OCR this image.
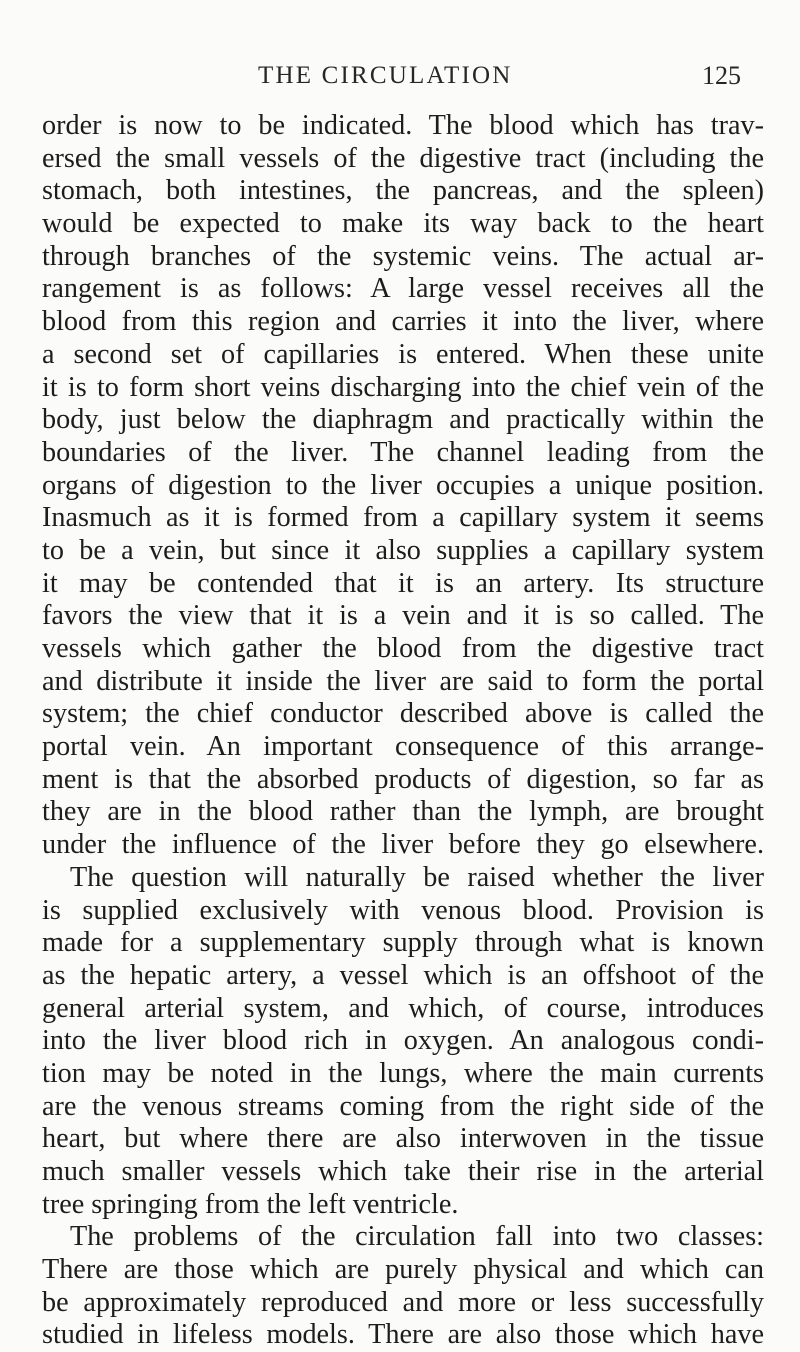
THE CIRCULATION	125
order is now to be indicated. The blood which has trav-
ersed the small vessels of the digestive tract (including the
stomach, both intestines, the pancreas, and the spleen)
would be expected to make its way back to the heart
through branches of the systemic veins. The actual ar-
rangement is as follows: A large vessel receives all the
blood from this region and carries it into the liver, where
a second set of capillaries is entered. When these unite
it is to form short veins discharging into the chief vein of the
body, just below the diaphragm and practically within the
boundaries of the liver. The channel leading from the
organs of digestion to the liver occupies a unique position.
Inasmuch as it is formed from a capillary system it seems
to be a vein, but since it also supplies a capillary system
it may be contended that it is an artery. Its structure
favors the view that it is a vein and it is so called. The
vessels which gather the blood from the digestive tract
and distribute it inside the liver are said to form the portal
system; the chief conductor described above is called the
portal vein. An important consequence of this arrange-
ment is that the absorbed products of digestion, so far as
they are in the blood rather than the lymph, are brought
under the influence of the liver before they go elsewhere.
The question will naturally be raised whether the liver
is supplied exclusively with venous blood. Provision is
made for a supplementary supply through what is known
as the hepatic artery, a vessel which is an offshoot of the
general arterial system, and which, of course, introduces
into the liver blood rich in oxygen. An analogous condi-
tion may be noted in the lungs, where the main currents
are the venous streams coming from the right side of the
heart, but where there are also interwoven in the tissue
much smaller vessels which take their rise in the arterial
tree springing from the left ventricle.
The problems of the circulation fall into two classes:
There are those which are purely physical and which can
be approximately reproduced and more or less successfully
studied in lifeless models. There are also those which have
